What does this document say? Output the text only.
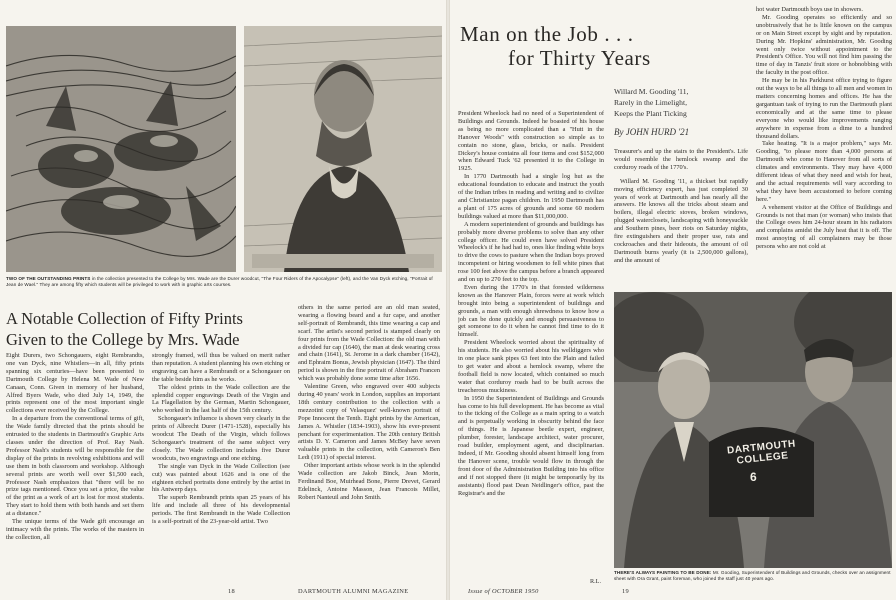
TWO OF THE OUTSTANDING PRINTS in the collection presented to the College by Mrs. Wade are the Durer woodcut, "The Four Riders of the Apocalypse" (left), and the Van Dyck etching, "Portrait of Jean de Wael." They are among fifty which students will be privileged to work with in graphic arts courses.
A Notable Collection of Fifty Prints
Given to the College by Mrs. Wade

Eight Durers, two Schongauers, eight Rembrandts, one van Dyck, nine Whistlers—in all, fifty prints spanning six centuries—have been presented to Dartmouth College by Helena M. Wade of New Canaan, Conn. Given in memory of her husband, Alfred Byers Wade, who died July 14, 1949, the prints represent one of the most important single collections ever received by the College.

In a departure from the conventional terms of gift, the Wade family directed that the prints should be entrusted to the students in Dartmouth's Graphic Arts classes under the direction of Prof. Ray Nash. Professor Nash's students will be responsible for the display of the prints in revolving exhibitions and will use them in both classroom and workshop. Although several prints are worth well over $1,500 each, Professor Nash emphasizes that "there will be no prize tags mentioned. Once you set a price, the value of the print as a work of art is lost for most students. They start to hold them with both hands and set them at a distance."

The unique terms of the Wade gift encourage an intimacy with the prints. The works of the masters in the collection, all

strongly framed, will thus be valued on merit rather than reputation. A student planning his own etching or engraving can have a Rembrandt or a Schongauer on the table beside him as he works.

The oldest prints in the Wade collection are the splendid copper engravings Death of the Virgin and La Flagellation by the German, Martin Schongauer, who worked in the last half of the 15th century.

Schongauer's influence is shown very clearly in the prints of Albrecht Durer (1471-1528), especially his woodcut The Death of the Virgin, which follows Schongauer's treatment of the same subject very closely. The Wade collection includes five Durer woodcuts, two engravings and one etching.

The single van Dyck in the Wade Collection (see cut) was painted about 1626 and is one of the eighteen etched portraits done entirely by the artist in his Antwerp days.

The superb Rembrandt prints span 25 years of his life and include all three of his developmental periods. The first Rembrandt in the Wade Collection is a self-portrait of the 23-year-old artist. Two

others in the same period are an old man seated, wearing a flowing beard and a fur cape, and another self-portrait of Rembrandt, this time wearing a cap and scarf. The artist's second period is stamped clearly on four prints from the Wade Collection: the old man with a divided fur cap (1640), the man at desk wearing cross and chain (1641), St. Jerome in a dark chamber (1642), and Ephraim Bonus, Jewish physician (1647). The third period is shown in the fine portrait of Abraham Francen which was probably done some time after 1656.

Valentine Green, who engraved over 400 subjects during 40 years' work in London, supplies an important 18th century contribution to the collection with a mezzotint copy of Velasquez' well-known portrait of Pope Innocent the Tenth. Eight prints by the American, James A. Whistler (1834-1903), show his ever-present penchant for experimentation. The 20th century British artists D. Y. Cameron and James McBey have seven valuable prints in the collection, with Cameron's Ben Ledi (1911) of special interest.

Other important artists whose work is in the splendid Wade collection are Jakob Binck, Jean Morin, Ferdinand Boe, Muirhead Bone, Pierre Drevet, Gerard Edelinck, Antoine Masson, Jean Francois Millet, Robert Nanteuil and John Smith.

18	DARTMOUTH ALUMNI MAGAZINE
Man on the Job . . .
for Thirty Years
Willard M. Gooding '11,
Rarely in the Limelight,
Keeps the Plant Ticking
By JOHN HURD '21

President Wheelock had no need of a Superintendent of Buildings and Grounds. Indeed he boasted of his house as being no more complicated than a "Hutt in the Hanover Woods" with construction so simple as to contain no stone, glass, bricks, or nails. President Dickey's house contains all four items and cost $152,000 when Edward Tuck '62 presented it to the College in 1925.

In 1770 Dartmouth had a single log hut as the educational foundation to educate and instruct the youth of the Indian tribes in reading and writing and to civilize and Christianize pagan children. In 1950 Dartmouth has a plant of 175 acres of grounds and some 60 modern buildings valued at more than $11,000,000.

A modern superintendent of grounds and buildings has probably more diverse problems to solve than any other college officer. He could even have solved President Wheelock's if he had had to, ones like finding white boys to drive the cows to pasture when the Indian boys proved incompetent or hiring woodsmen to fell white pines that rose 100 feet above the campus before a branch appeared and on up to 270 feet to the top.

Even during the 1770's in that forested wilderness known as the Hanover Plain, forces were at work which brought into being a superintendent of buildings and grounds, a man with enough shrewdness to know how a job can be done quickly and enough persuasiveness to get someone to do it when he cannot find time to do it himself.

President Wheelock worried about the spirituality of his students. He also worried about his welldiggers who in one place sank pipes 63 feet into the Plain and failed to get water and about a hemlock swamp, where the football field is now located, which contained so much water that corduroy roads had to be built across the treacherous muckiness.

In 1950 the Superintendent of Buildings and Grounds has come to his full development. He has become as vital to the ticking of the College as a main spring to a watch and is perpetually working in obscurity behind the face of things. He is Japanese beetle expert, engineer, plumber, forester, landscape architect, water procurer, road builder, employment agent, and disciplinarian. Indeed, if Mr. Gooding should absent himself long from the Hanover scene, trouble would flow in through the front door of the Administration Building into his office and if not stopped there (it might be temporarily by its assistants) flood past Dean Neidlinger's office, past the Registrar's and the

Treasurer's and up the stairs to the President's. Life would resemble the hemlock swamp and the corduroy roads of the 1770's.

Willard M. Gooding '11, a thickset but rapidly moving efficiency expert, has just completed 30 years of work at Dartmouth and has nearly all the answers. He knows all the tricks about steam and boilers, illegal electric stoves, broken windows, plugged waterclosets, landscaping with honeysuckle and Southern pines, beer riots on Saturday nights, fire extinguishers and their proper use, rats and cockroaches and their hideouts, the amount of oil Dartmouth burns yearly (it is 2,500,000 gallons), and the amount of

hot water Dartmouth boys use in showers.

Mr. Gooding operates so efficiently and so unobtrusively that he is little known on the campus or on Main Street except by sight and by reputation. During Mr. Hopkins' administration, Mr. Gooding went only twice without appointment to the President's Office. You will not find him passing the time of day in Tanzis' fruit store or hobnobbing with the faculty in the post office.

He may be in his Parkhurst office trying to figure out the ways to be all things to all men and women in matters concerning homes and offices. He has the gargantuan task of trying to run the Dartmouth plant economically and at the same time to please everyone who would like improvements ranging anywhere in expense from a dime to a hundred thousand dollars.

Take heating. "It is a major problem," says Mr. Gooding, "to please more than 4,000 persons at Dartmouth who come to Hanover from all sorts of climates and environments. They may have 4,000 different ideas of what they need and wish for heat, and the actual requirements will vary according to what they have been accustomed to before coming here."

A vehement visitor at the Office of Buildings and Grounds is not that man (or woman) who insists that the College owes him 24-hour steam in his radiators and complains amidst the July heat that it is off. The most annoying of all complainers may be those persons who are not cold at

DARTMOUTH COLLEGE
6
THERE'S ALWAYS PAINTING TO BE DONE: Mr. Gooding, Superintendent of Buildings and Grounds, checks over an assignment sheet with Ora Grant, paint foreman, who joined the staff just 40 years ago.
R.L.
Issue of OCTOBER 1950	19
